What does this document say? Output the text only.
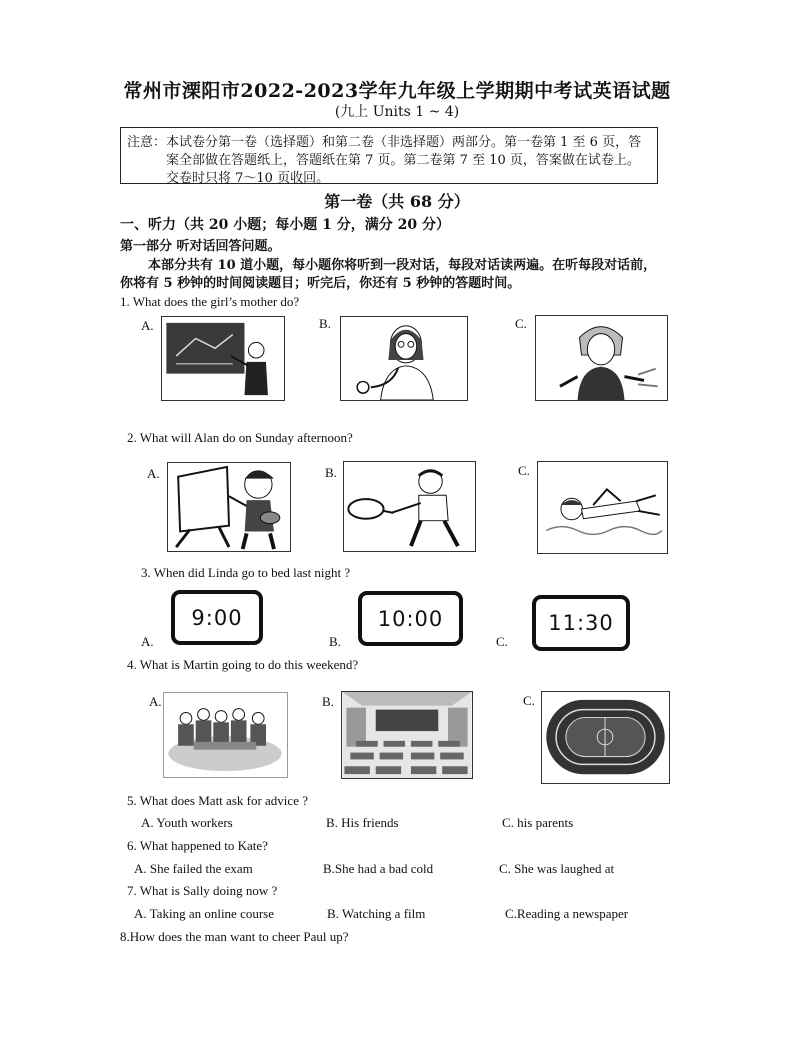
常州市溧阳市2022-2023学年九年级上学期期中考试英语试题
(九上 Units 1 ~ 4)
注意：本试卷分第一卷（选择题）和第二卷（非选择题）两部分。第一卷第 1 至 6 页，答
案全部做在答题纸上，答题纸在第 7 页。第二卷第 7 至 10 页，答案做在试卷上。
交卷时只将 7～10 页收回。
第一卷（共 68 分）
一、听力（共 20 小题；每小题 1 分，满分 20 分）
第一部分 听对话回答问题。
本部分共有 10 道小题，每小题你将听到一段对话，每段对话读两遍。在听每段对话前，
你将有 5 秒钟的时间阅读题目；听完后，你还有 5 秒钟的答题时间。
1. What does the girl’s mother do?
A.	B.	C.
2. What will Alan do on Sunday afternoon?
A.	B.	C.
3. When did Linda go to bed last night ?
A.
9:00
B.
10:00
C.
11:30
4. What is Martin going to do this weekend?
A.	B.	C.
5. What does Matt ask for advice ?
A. Youth workers	B. His friends	C. his parents
6. What happened to Kate?
A. She failed the exam	B.She had a bad cold	C. She was laughed at
7. What is Sally doing now ?
A. Taking an online course	B. Watching a film	C.Reading a newspaper
8.How does the man want to cheer Paul up?
